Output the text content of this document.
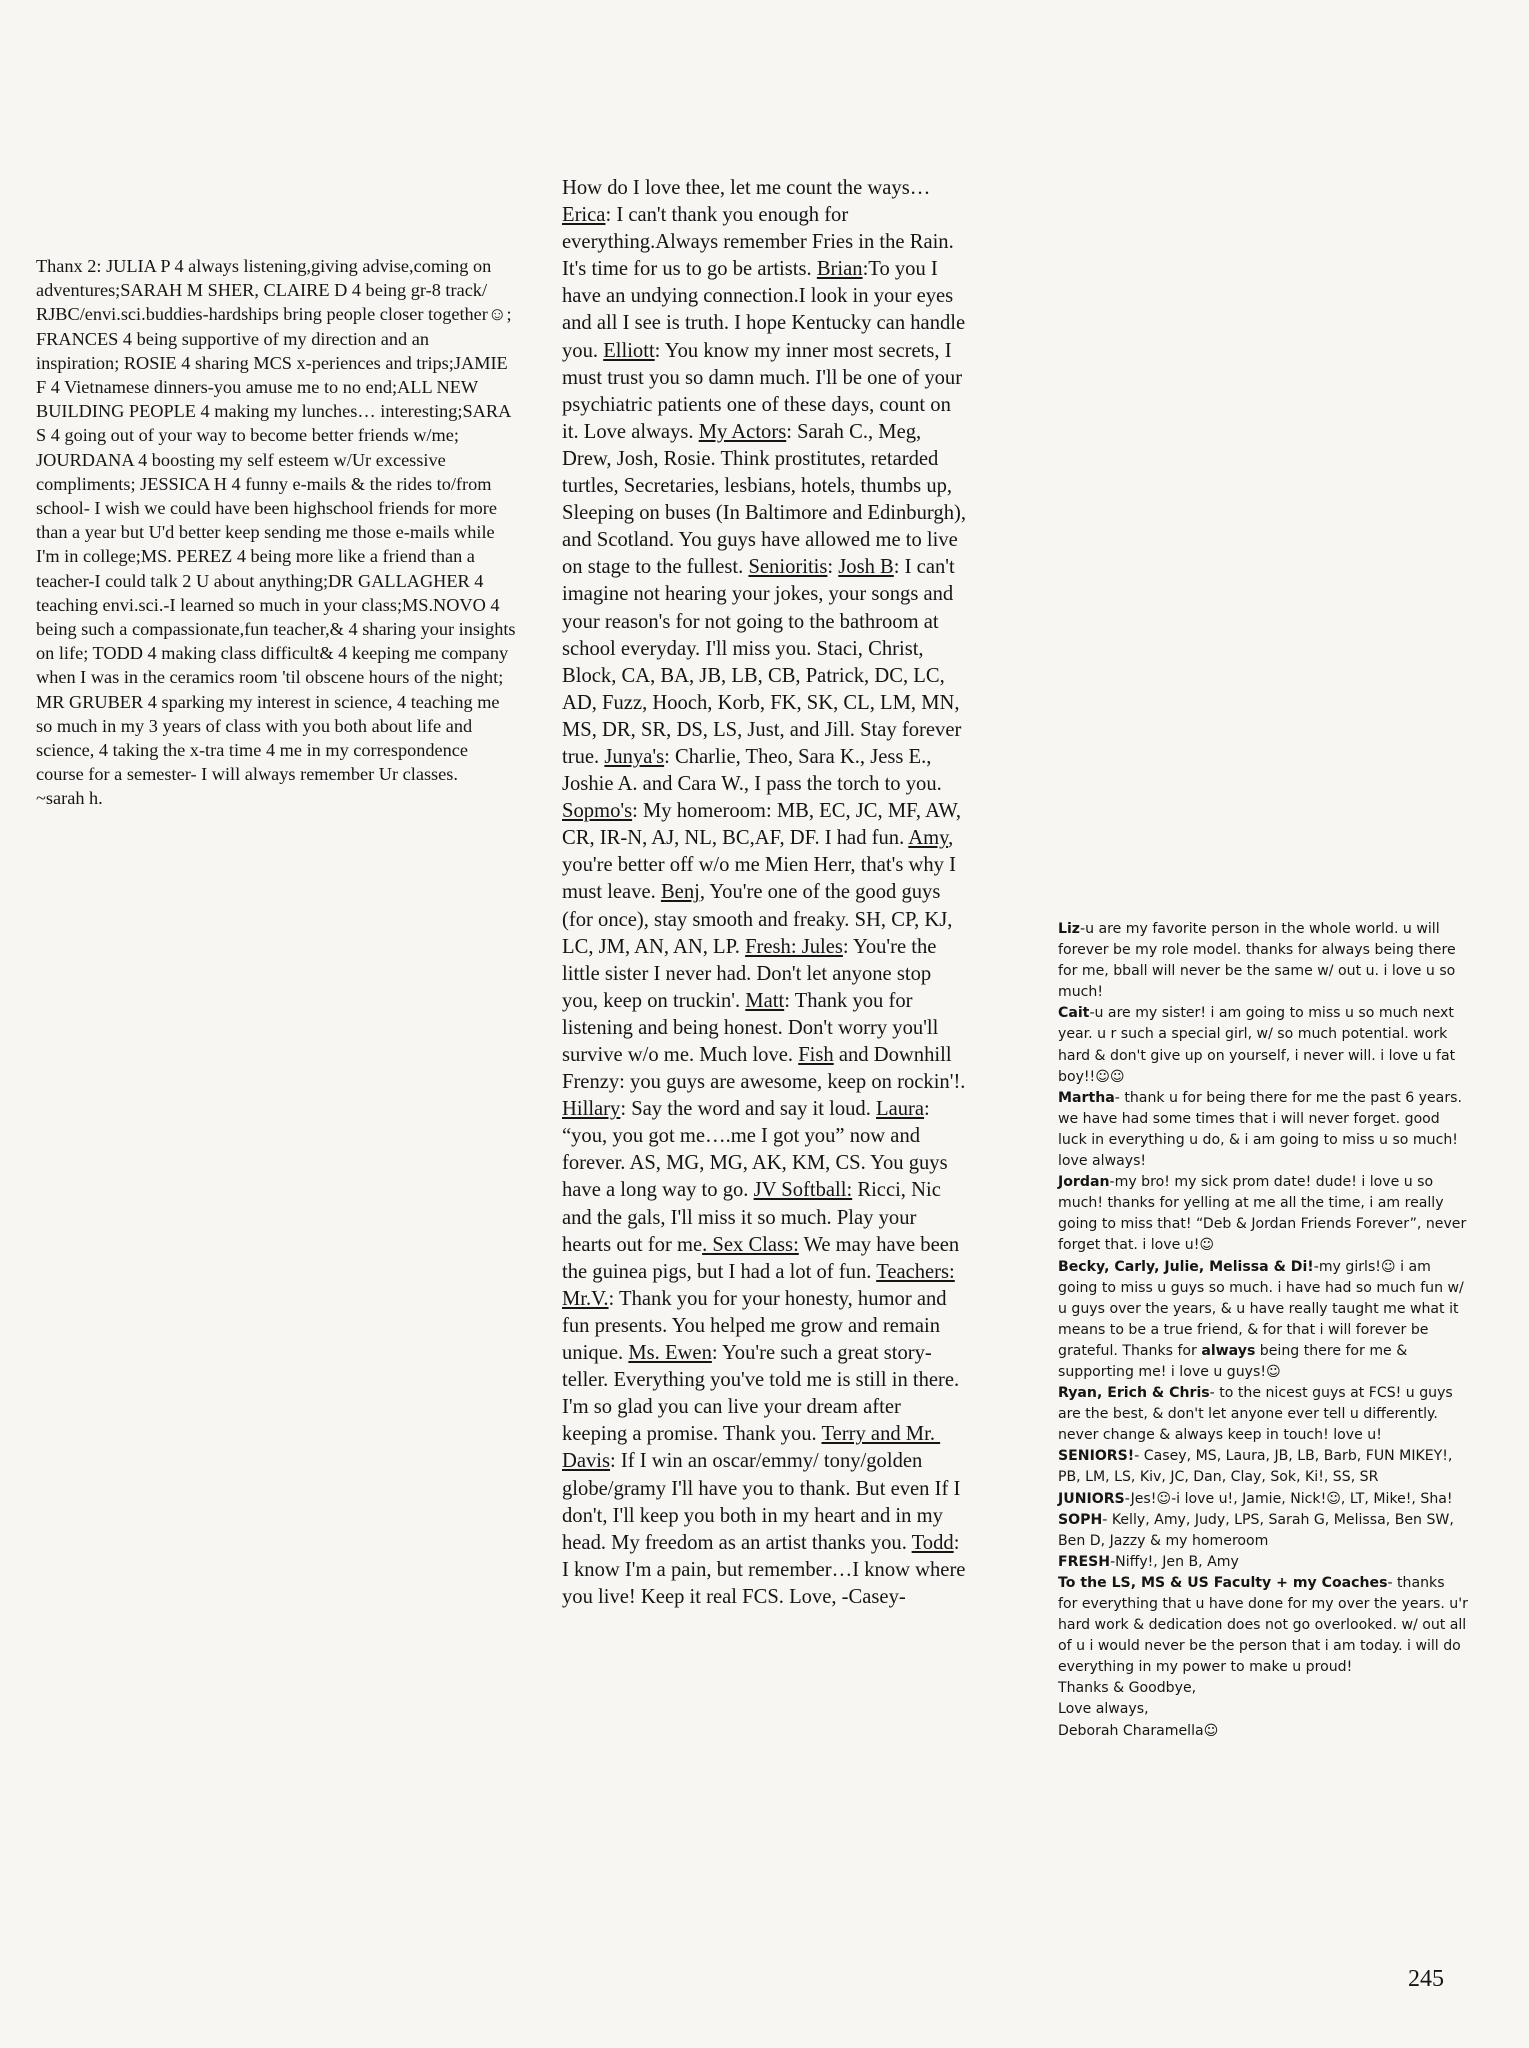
Thanx 2: JULIA P 4 always listening,giving advise,coming on adventures;SARAH M SHER, CLAIRE D 4 being gr-8 track/ RJBC/envi.sci.buddies-hardships bring people closer together☺; FRANCES 4 being supportive of my direction and an inspiration; ROSIE 4 sharing MCS x-periences and trips;JAMIE F 4 Vietnamese dinners-you amuse me to no end;ALL NEW BUILDING PEOPLE 4 making my lunches… interesting;SARA S 4 going out of your way to become better friends w/me; JOURDANA 4 boosting my self esteem w/Ur excessive compliments; JESSICA H 4 funny e-mails & the rides to/from school- I wish we could have been highschool friends for more than a year but U'd better keep sending me those e-mails while I'm in college;MS. PEREZ 4 being more like a friend than a teacher-I could talk 2 U about anything;DR GALLAGHER 4 teaching envi.sci.-I learned so much in your class;MS.NOVO 4 being such a compassionate,fun teacher,& 4 sharing your insights on life; TODD 4 making class difficult& 4 keeping me company when I was in the ceramics room 'til obscene hours of the night; MR GRUBER 4 sparking my interest in science, 4 teaching me so much in my 3 years of class with you both about life and science, 4 taking the x-tra time 4 me in my correspondence course for a semester- I will always remember Ur classes.

~sarah h.
How do I love thee, let me count the ways…Erica: I can't thank you enough for everything.Always remember Fries in the Rain. It's time for us to go be artists. Brian:To you I have an undying connection.I look in your eyes and all I see is truth. I hope Kentucky can handle you. Elliott: You know my inner most secrets, I must trust you so damn much. I'll be one of your psychiatric patients one of these days, count on it. Love always. My Actors: Sarah C., Meg, Drew, Josh, Rosie. Think prostitutes, retarded turtles, Secretaries, lesbians, hotels, thumbs up, Sleeping on buses (In Baltimore and Edinburgh), and Scotland. You guys have allowed me to live on stage to the fullest. Senioritis: Josh B: I can't imagine not hearing your jokes, your songs and your reason's for not going to the bathroom at school everyday. I'll miss you. Staci, Christ, Block, CA, BA, JB, LB, CB, Patrick, DC, LC, AD, Fuzz, Hooch, Korb, FK, SK, CL, LM, MN, MS, DR, SR, DS, LS, Just, and Jill. Stay forever true. Junya's: Charlie, Theo, Sara K., Jess E., Joshie A. and Cara W., I pass the torch to you. Sopmo's: My homeroom: MB, EC, JC, MF, AW, CR, IR-N, AJ, NL, BC,AF, DF. I had fun. Amy, you're better off w/o me Mien Herr, that's why I must leave. Benj, You're one of the good guys (for once), stay smooth and freaky. SH, CP, KJ, LC, JM, AN, AN, LP. Fresh: Jules: You're the little sister I never had. Don't let anyone stop you, keep on truckin'. Matt: Thank you for listening and being honest. Don't worry you'll survive w/o me. Much love. Fish and Downhill Frenzy: you guys are awesome, keep on rockin'!. Hillary: Say the word and say it loud. Laura: “you, you got me….me I got you” now and forever. AS, MG, MG, AK, KM, CS. You guys have a long way to go. JV Softball: Ricci, Nic and the gals, I'll miss it so much. Play your hearts out for me. Sex Class: We may have been the guinea pigs, but I had a lot of fun. Teachers: Mr.V.: Thank you for your honesty, humor and fun presents. You helped me grow and remain unique. Ms. Ewen: You're such a great story-teller. Everything you've told me is still in there. I'm so glad you can live your dream after keeping a promise. Thank you. Terry and Mr. Davis: If I win an oscar/emmy/ tony/golden globe/gramy I'll have you to thank. But even If I don't, I'll keep you both in my heart and in my head. My freedom as an artist thanks you. Todd: I know I'm a pain, but remember…I know where you live! Keep it real FCS. Love, -Casey-
Liz-u are my favorite person in the whole world. u will forever be my role model. thanks for always being there for me, bball will never be the same w/ out u. i love u so much!
Cait-u are my sister! i am going to miss u so much next year. u r such a special girl, w/ so much potential. work hard & don't give up on yourself, i never will. i love u fat boy!!☺☺
Martha- thank u for being there for me the past 6 years. we have had some times that i will never forget. good luck in everything u do, & i am going to miss u so much! love always!
Jordan-my bro! my sick prom date! dude! i love u so much! thanks for yelling at me all the time, i am really going to miss that! “Deb & Jordan Friends Forever”, never forget that. i love u!☺
Becky, Carly, Julie, Melissa & Di!-my girls!☺ i am going to miss u guys so much. i have had so much fun w/ u guys over the years, & u have really taught me what it means to be a true friend, & for that i will forever be grateful. Thanks for always being there for me & supporting me! i love u guys!☺
Ryan, Erich & Chris- to the nicest guys at FCS! u guys are the best, & don't let anyone ever tell u differently. never change & always keep in touch! love u!
SENIORS!- Casey, MS, Laura, JB, LB, Barb, FUN MIKEY!, PB, LM, LS, Kiv, JC, Dan, Clay, Sok, Ki!, SS, SR
JUNIORS-Jes!☺-i love u!, Jamie, Nick!☺, LT, Mike!, Sha!
SOPH- Kelly, Amy, Judy, LPS, Sarah G, Melissa, Ben SW, Ben D, Jazzy & my homeroom
FRESH-Niffy!, Jen B, Amy
To the LS, MS & US Faculty + my Coaches- thanks for everything that u have done for my over the years. u'r hard work & dedication does not go overlooked. w/ out all of u i would never be the person that i am today. i will do everything in my power to make u proud!
Thanks & Goodbye,
Love always,
Deborah Charamella☺
245
